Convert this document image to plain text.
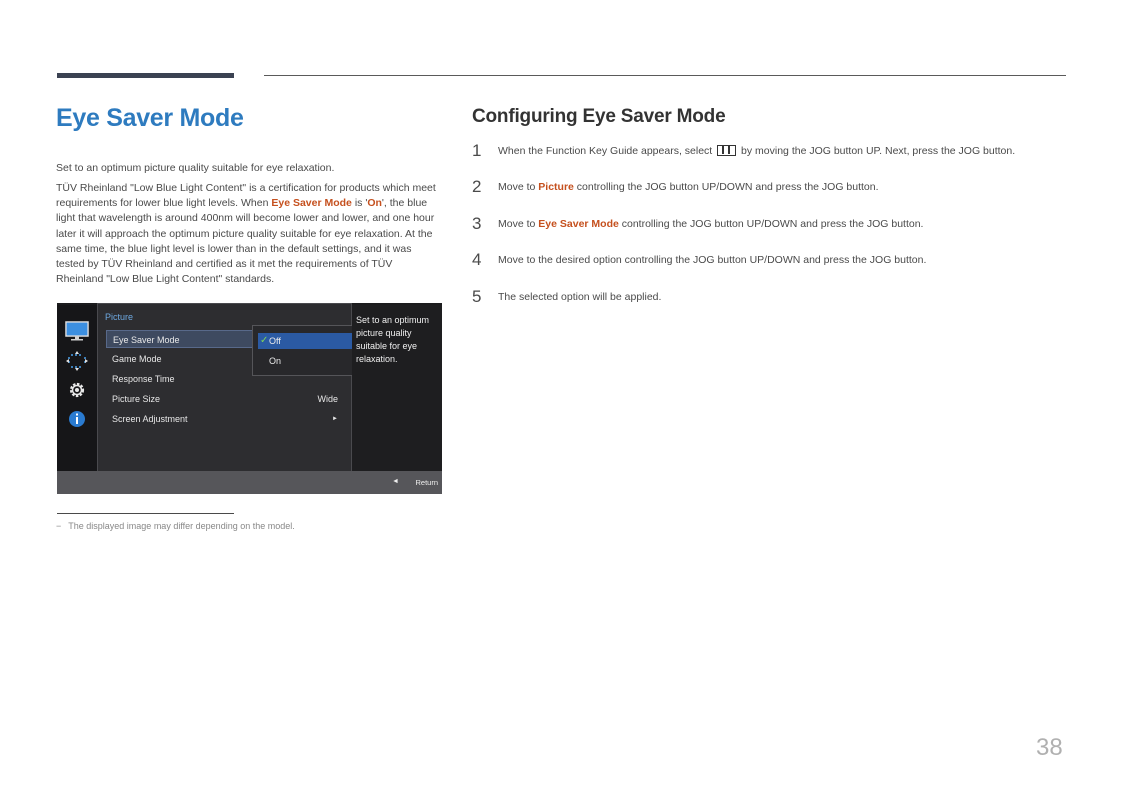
Eye Saver Mode

Set to an optimum picture quality suitable for eye relaxation.

TÜV Rheinland "Low Blue Light Content" is a certification for products which meet requirements for lower blue light levels. When Eye Saver Mode is 'On', the blue light that wavelength is around 400nm will become lower and lower, and one hour later it will approach the optimum picture quality suitable for eye relaxation. At the same time, the blue light level is lower than in the default settings, and it was tested by TÜV Rheinland and certified as it met the requirements of TÜV Rheinland "Low Blue Light Content" standards.

Picture
Eye Saver Mode
Game Mode
Response Time
Picture Size	Wide
Screen Adjustment	►
✓ Off
On
Set to an optimum picture quality suitable for eye relaxation.
◄ Return
− The displayed image may differ depending on the model.
Configuring Eye Saver Mode
1 When the Function Key Guide appears, select  by moving the JOG button UP. Next, press the JOG button.
2 Move to Picture controlling the JOG button UP/DOWN and press the JOG button.
3 Move to Eye Saver Mode controlling the JOG button UP/DOWN and press the JOG button.
4 Move to the desired option controlling the JOG button UP/DOWN and press the JOG button.
5 The selected option will be applied.
38
